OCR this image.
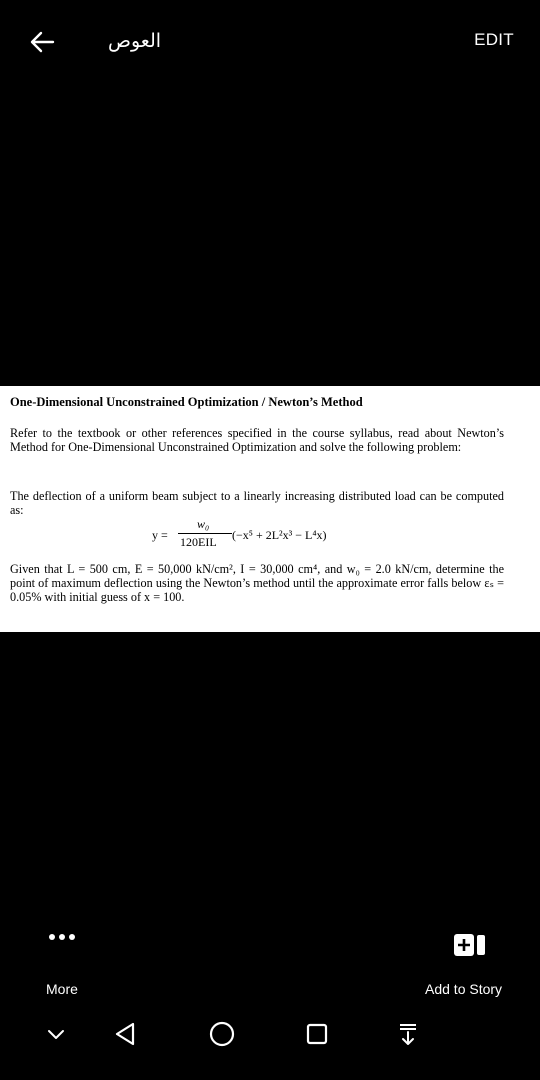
العوص	EDIT
One-Dimensional Unconstrained Optimization / Newton’s Method
Refer to the textbook or other references specified in the course syllabus, read about Newton’s Method for One-Dimensional Unconstrained Optimization and solve the following problem:
The deflection of a uniform beam subject to a linearly increasing distributed load can be computed as:
y =
w₀
120EIL (−x⁵ + 2L²x³ − L⁴x)
Given that L = 500 cm, E = 50,000 kN/cm², I = 30,000 cm⁴, and w₀ = 2.0 kN/cm, determine the point of maximum deflection using the Newton’s method until the approximate error falls below εₛ = 0.05% with initial guess of x = 100.
More	Add to Story
